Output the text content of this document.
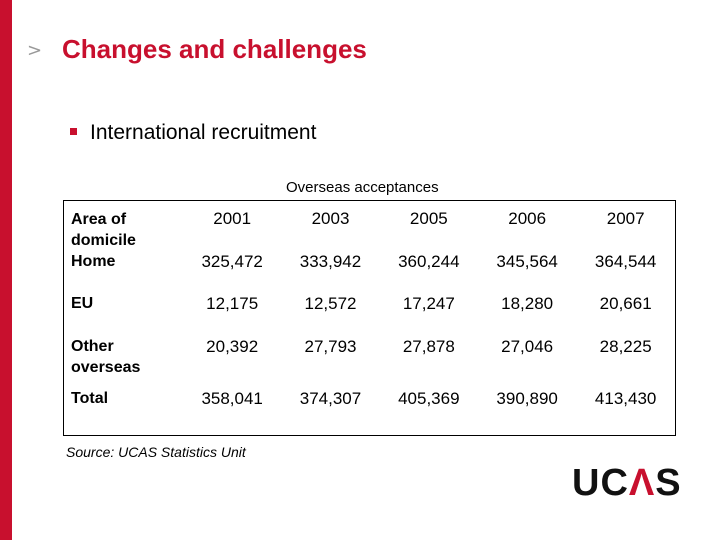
> Changes and challenges
International recruitment
Overseas acceptances
Area of domicile	2001	2003	2005	2006	2007
Home	325,472	333,942	360,244	345,564	364,544
EU	12,175	12,572	17,247	18,280	20,661
Other overseas	20,392	27,793	27,878	27,046	28,225
Total	358,041	374,307	405,369	390,890	413,430
Source: UCAS Statistics Unit
UCΛS
